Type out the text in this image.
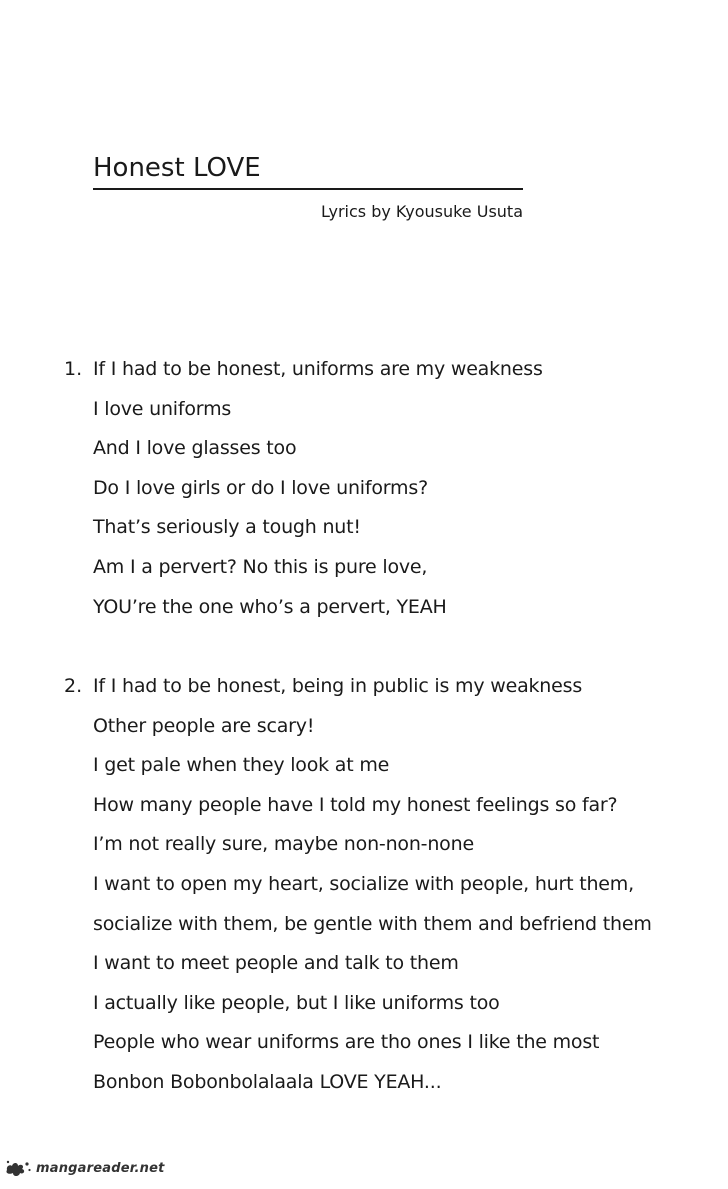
Honest LOVE
Lyrics by Kyousuke Usuta
1. If I had to be honest, uniforms are my weakness
I love uniforms
And I love glasses too
Do I love girls or do I love uniforms?
That’s seriously a tough nut!
Am I a pervert? No this is pure love,
YOU’re the one who’s a pervert, YEAH
2. If I had to be honest, being in public is my weakness
Other people are scary!
I get pale when they look at me
How many people have I told my honest feelings so far?
I’m not really sure, maybe non-non-none
I want to open my heart, socialize with people, hurt them,
socialize with them, be gentle with them and befriend them
I want to meet people and talk to them
I actually like people, but I like uniforms too
People who wear uniforms are tho ones I like the most
Bonbon Bobonbolalaala LOVE YEAH...
mangareader.net
